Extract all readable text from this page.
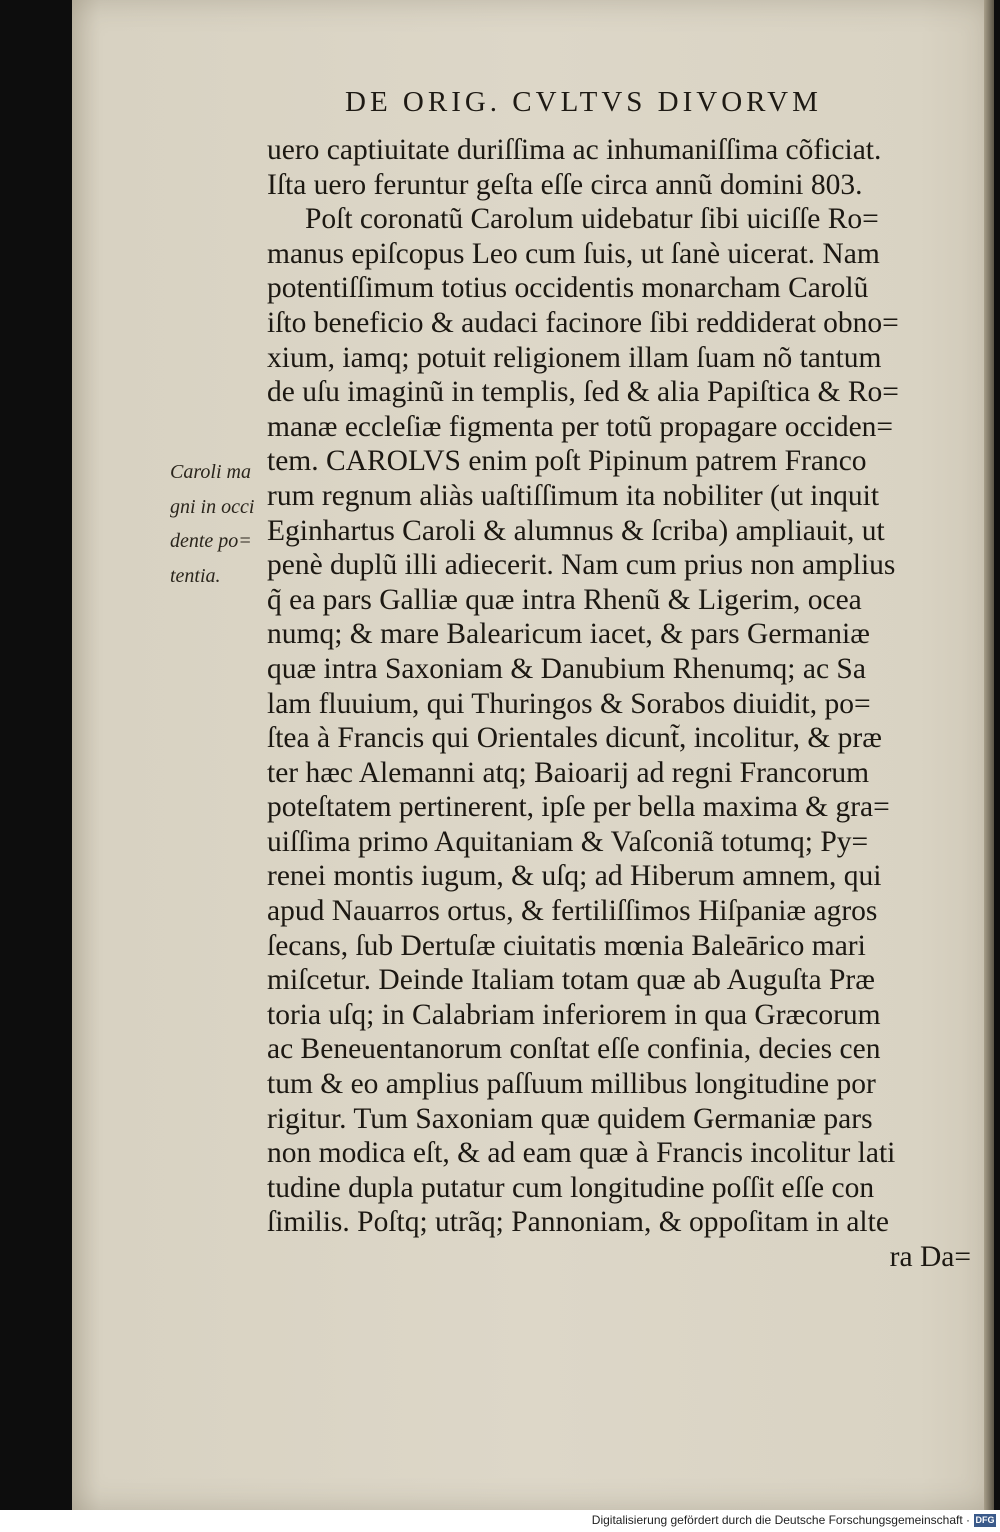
DE ORIG. CVLTVS DIVORVM
Caroli ma
gni in occi
dente po=
tentia.
uero captiuitate duriſſima ac inhumaniſſima cõficiat.
Iſta uero feruntur geſta eſſe circa annũ domini 803.
Poſt coronatũ Carolum uidebatur ſibi uiciſſe Ro=
manus epiſcopus Leo cum ſuis, ut ſanè uicerat. Nam
potentiſſimum totius occidentis monarcham Carolũ
iſto beneficio & audaci facinore ſibi reddiderat obno=
xium, iamq; potuit religionem illam ſuam nõ tantum
de uſu imaginũ in templis, ſed & alia Papiſtica & Ro=
manæ eccleſiæ figmenta per totũ propagare occiden=
tem. CAROLVS enim poſt Pipinum patrem Franco
rum regnum aliàs uaſtiſſimum ita nobiliter (ut inquit
Eginhartus Caroli & alumnus & ſcriba) ampliauit, ut
penè duplũ illi adiecerit. Nam cum prius non amplius
q̃ ea pars Galliæ quæ intra Rhenũ & Ligerim, ocea
numq; & mare Balearicum iacet, & pars Germaniæ
quæ intra Saxoniam & Danubium Rhenumq; ac Sa
lam fluuium, qui Thuringos & Sorabos diuidit, po=
ſtea à Francis qui Orientales dicunt̃, incolitur, & præ
ter hæc Alemanni atq; Baioarij ad regni Francorum
poteſtatem pertinerent, ipſe per bella maxima & gra=
uiſſima primo Aquitaniam & Vaſconiã totumq; Py=
renei montis iugum, & uſq; ad Hiberum amnem, qui
apud Nauarros ortus, & fertiliſſimos Hiſpaniæ agros
ſecans, ſub Dertuſæ ciuitatis mœnia Baleārico mari
miſcetur. Deinde Italiam totam quæ ab Auguſta Præ
toria uſq; in Calabriam inferiorem in qua Græcorum
ac Beneuentanorum conſtat eſſe confinia, decies cen
tum & eo amplius paſſuum millibus longitudine por
rigitur. Tum Saxoniam quæ quidem Germaniæ pars
non modica eſt, & ad eam quæ à Francis incolitur lati
tudine dupla putatur cum longitudine poſſit eſſe con
ſimilis. Poſtq; utrãq; Pannoniam, & oppoſitam in alte
ra Da=
Digitalisierung gefördert durch die Deutsche Forschungsgemeinschaft · DFG
